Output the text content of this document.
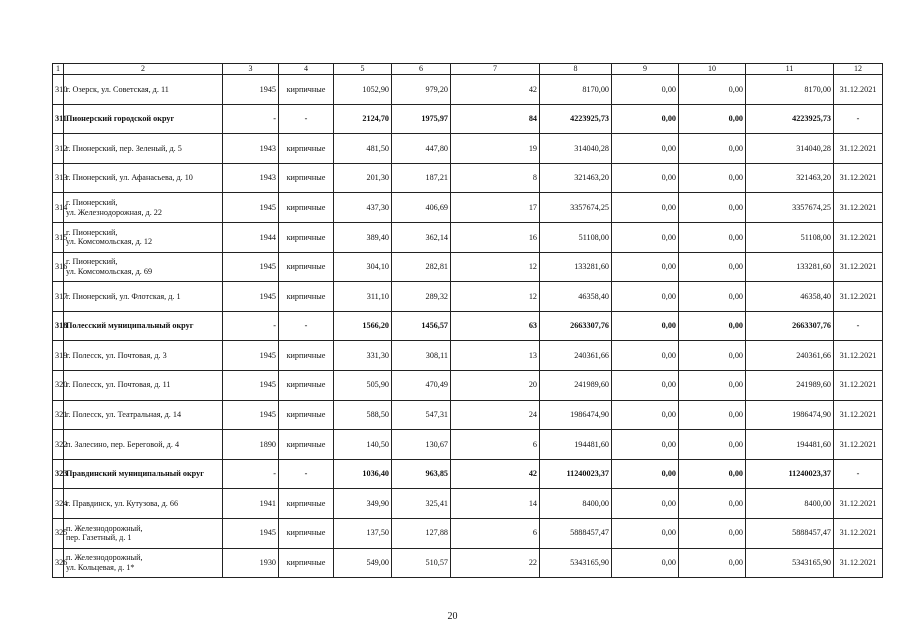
1	2	3	4	5	6	7	8	9	10	11	12
310	г. Озерск, ул. Советская, д. 11	1945	кирпичные	1052,90	979,20	42	8170,00	0,00	0,00	8170,00	31.12.2021
311	Пионерский городской округ	-	-	2124,70	1975,97	84	4223925,73	0,00	0,00	4223925,73	-
312	г. Пионерский, пер. Зеленый, д. 5	1943	кирпичные	481,50	447,80	19	314040,28	0,00	0,00	314040,28	31.12.2021
313	г. Пионерский, ул. Афанасьева, д. 10	1943	кирпичные	201,30	187,21	8	321463,20	0,00	0,00	321463,20	31.12.2021
314	г. Пионерский,
ул. Железнодорожная, д. 22	1945	кирпичные	437,30	406,69	17	3357674,25	0,00	0,00	3357674,25	31.12.2021
315	г. Пионерский,
ул. Комсомольская, д. 12	1944	кирпичные	389,40	362,14	16	51108,00	0,00	0,00	51108,00	31.12.2021
316	г. Пионерский,
ул. Комсомольская, д. 69	1945	кирпичные	304,10	282,81	12	133281,60	0,00	0,00	133281,60	31.12.2021
317	г. Пионерский, ул. Флотская, д. 1	1945	кирпичные	311,10	289,32	12	46358,40	0,00	0,00	46358,40	31.12.2021
318	Полесский муниципальный округ	-	-	1566,20	1456,57	63	2663307,76	0,00	0,00	2663307,76	-
319	г. Полесск, ул. Почтовая, д. 3	1945	кирпичные	331,30	308,11	13	240361,66	0,00	0,00	240361,66	31.12.2021
320	г. Полесск, ул. Почтовая, д. 11	1945	кирпичные	505,90	470,49	20	241989,60	0,00	0,00	241989,60	31.12.2021
321	г. Полесск, ул. Театральная, д. 14	1945	кирпичные	588,50	547,31	24	1986474,90	0,00	0,00	1986474,90	31.12.2021
322	п. Залесино, пер. Береговой, д. 4	1890	кирпичные	140,50	130,67	6	194481,60	0,00	0,00	194481,60	31.12.2021
323	Правдинский муниципальный округ	-	-	1036,40	963,85	42	11240023,37	0,00	0,00	11240023,37	-
324	г. Правдинск, ул. Кутузова, д. 66	1941	кирпичные	349,90	325,41	14	8400,00	0,00	0,00	8400,00	31.12.2021
325	п. Железнодорожный,
пер. Газетный, д. 1	1945	кирпичные	137,50	127,88	6	5888457,47	0,00	0,00	5888457,47	31.12.2021
326	п. Железнодорожный,
ул. Кольцевая, д. 1*	1930	кирпичные	549,00	510,57	22	5343165,90	0,00	0,00	5343165,90	31.12.2021
20
